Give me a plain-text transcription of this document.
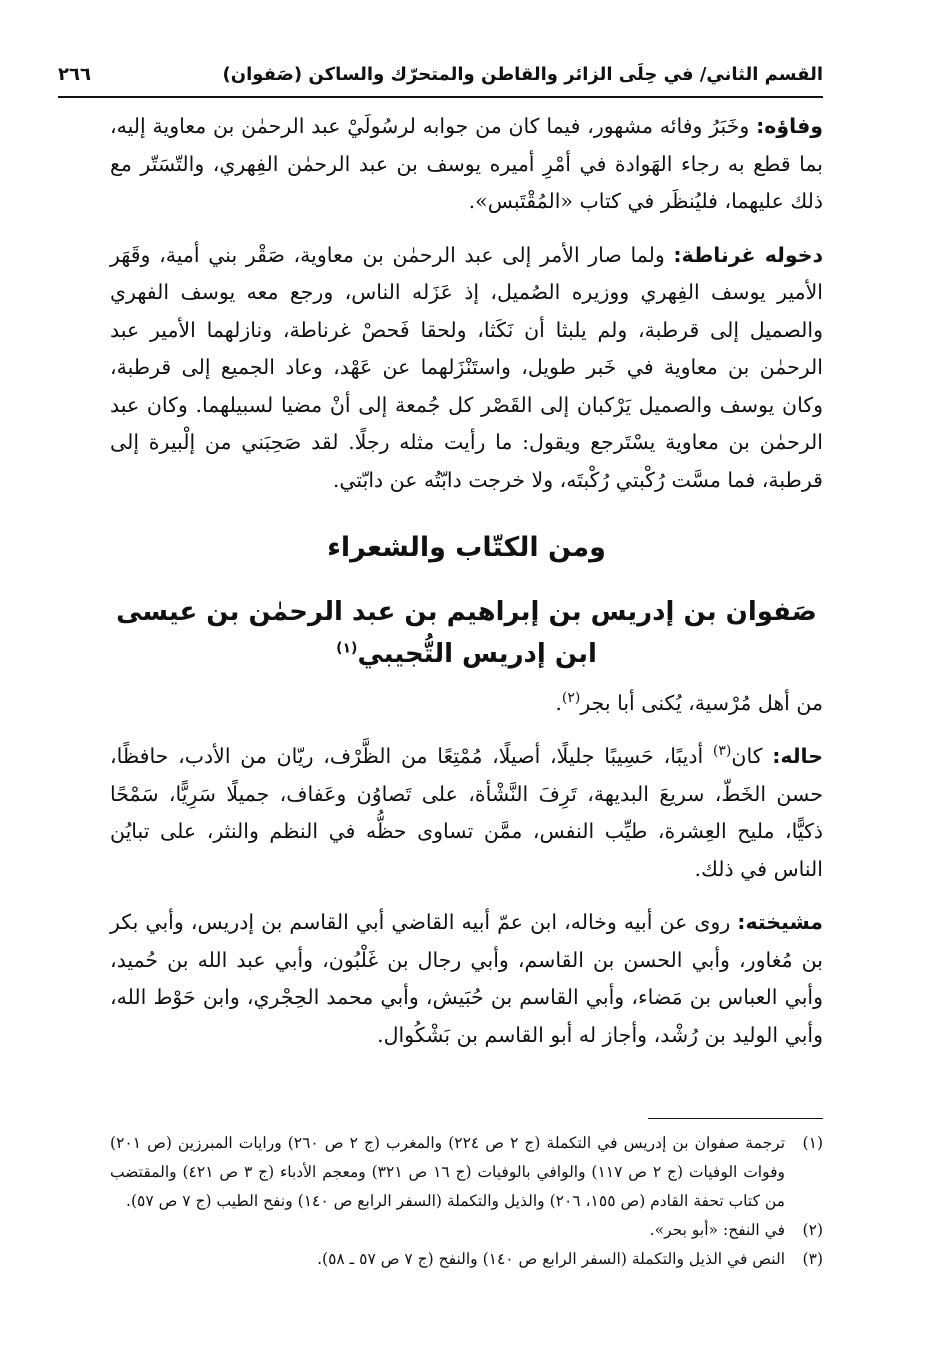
٢٦٦	القسم الثاني/ في حِلَى الزائر والقاطن والمتحرّك والساكن (صَفوان)

وفاؤه: وخَبَرُ وفائه مشهور، فيما كان من جوابه لرسُولَيْ عبد الرحمٰن بن معاوية إليه، بما قطع به رجاء الهَوادة في أمْرِ أميره يوسف بن عبد الرحمٰن الفِهري، والتّسَتّر مع ذلك عليهما، فليُنظَر في كتاب «المُقْتَبس».

دخوله غرناطة: ولما صار الأمر إلى عبد الرحمٰن بن معاوية، صَقْر بني أمية، وقَهَر الأمير يوسف الفِهري ووزيره الصُميل، إذ عَزَله الناس، ورجع معه يوسف الفهري والصميل إلى قرطبة، ولم يلبثا أن نَكَثا، ولحقا فَحصْ غرناطة، ونازلهما الأمير عبد الرحمٰن بن معاوية في خَبر طويل، واستَنْزَلهما عن عَهْد، وعاد الجميع إلى قرطبة، وكان يوسف والصميل يَرْكبان إلى القَصْر كل جُمعة إلى أنْ مضيا لسبيلهما. وكان عبد الرحمٰن بن معاوية يسْتَرجع ويقول: ما رأيت مثله رجلًا. لقد صَحِبَني من إلْبيرة إلى قرطبة، فما مسَّت رُكْبتي رُكْبتَه، ولا خرجت دابّتُه عن دابّتي.

ومن الكتّاب والشعراء
صَفوان بن إدريس بن إبراهيم بن عبد الرحمٰن بن عيسى
ابن إدريس التُّجيبي$^{(١)}$

من أهل مُرْسية، يُكنى أبا بجر$^{(٢)}$.

حاله: كان$^{(٣)}$ أديبًا، حَسِيبًا جليلًا، أصيلًا، مُمْتِعًا من الظَّرْف، ريّان من الأدب، حافظًا، حسن الخَطّ، سريعَ البديهة، تَرِفَ النَّشْأة، على تَصاوُن وعَفاف، جميلًا سَرِيًّا، سَمْحًا ذكيًّا، مليح العِشرة، طيِّب النفس، ممَّن تساوى حظُّه في النظم والنثر، على تبايُن الناس في ذلك.

مشيخته: روى عن أبيه وخاله، ابن عمّ أبيه القاضي أبي القاسم بن إدريس، وأبي بكر بن مُغاور، وأبي الحسن بن القاسم، وأبي رجال بن غَلْبُون، وأبي عبد الله بن حُميد، وأبي العباس بن مَضاء، وأبي القاسم بن حُبَيش، وأبي محمد الحِجْري، وابن حَوْط الله، وأبي الوليد بن رُشْد، وأجاز له أبو القاسم بن بَشْكُوال.

(١)
ترجمة صفوان بن إدريس في التكملة (ج ٢ ص ٢٢٤) والمغرب (ج ٢ ص ٢٦٠) ورايات المبرزين (ص ٢٠١) وفوات الوفيات (ج ٢ ص ١١٧) والوافي بالوفيات (ج ١٦ ص ٣٢١) ومعجم الأدباء (ج ٣ ص ٤٢١) والمقتضب من كتاب تحفة القادم (ص ١٥٥، ٢٠٦) والذيل والتكملة (السفر الرابع ص ١٤٠) ونفح الطيب (ج ٧ ص ٥٧).
(٢)
في النفح: «أبو بحر».
(٣)
النص في الذيل والتكملة (السفر الرابع ص ١٤٠) والنفح (ج ٧ ص ٥٧ ـ ٥٨).
